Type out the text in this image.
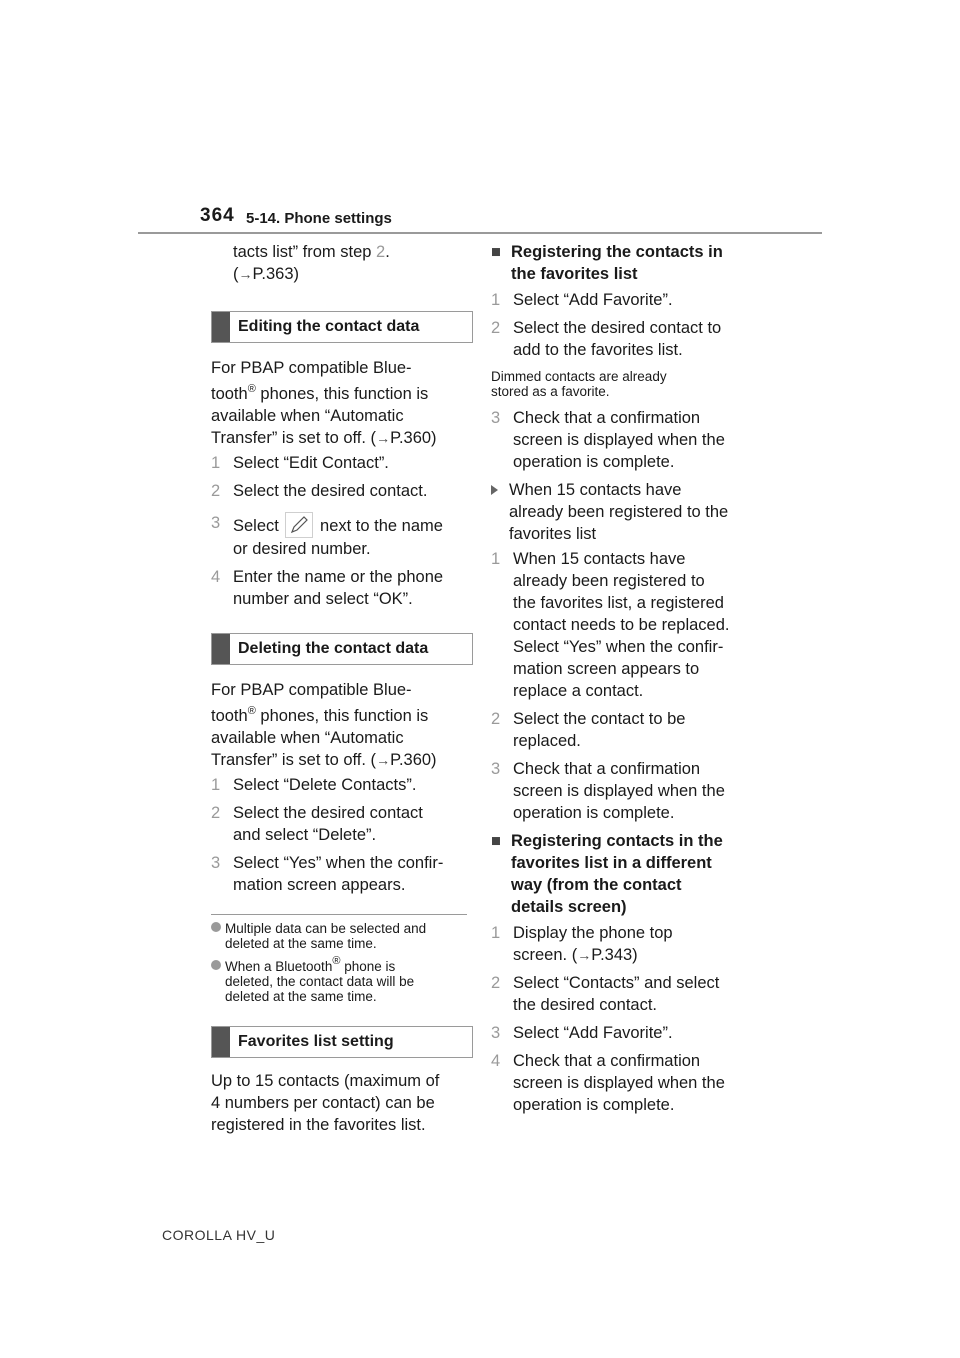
364 5-14. Phone settings

tacts list” from step 2.

(→P.363)

Editing the contact data

For PBAP compatible Blue-

tooth® phones, this function is

available when “Automatic

Transfer” is set to off. (→P.360)

1 Select “Edit Contact”.
2 Select the desired contact.
3 Select  next to the name
or desired number.
4 Enter the name or the phone
number and select “OK”.
Deleting the contact data

For PBAP compatible Blue-

tooth® phones, this function is

available when “Automatic

Transfer” is set to off. (→P.360)

1 Select “Delete Contacts”.
2 Select the desired contact
and select “Delete”.
3 Select “Yes” when the confir-
mation screen appears.
Multiple data can be selected and
deleted at the same time.
When a Bluetooth® phone is
deleted, the contact data will be
deleted at the same time.
Favorites list setting

Up to 15 contacts (maximum of

4 numbers per contact) can be

registered in the favorites list.

■ Registering the contacts in
the favorites list

1 Select “Add Favorite”.
2 Select the desired contact to
add to the favorites list.
Dimmed contacts are already
stored as a favorite.
3 Check that a confirmation
screen is displayed when the
operation is complete.
When 15 contacts have
already been registered to the
favorites list
1 When 15 contacts have
already been registered to
the favorites list, a registered
contact needs to be replaced.
Select “Yes” when the confir-
mation screen appears to
replace a contact.
2 Select the contact to be
replaced.
3 Check that a confirmation
screen is displayed when the
operation is complete.

■ Registering contacts in the
favorites list in a different
way (from the contact
details screen)

1 Display the phone top
screen. (→P.343)
2 Select “Contacts” and select
the desired contact.
3 Select “Add Favorite”.
4 Check that a confirmation
screen is displayed when the
operation is complete.
COROLLA HV_U
